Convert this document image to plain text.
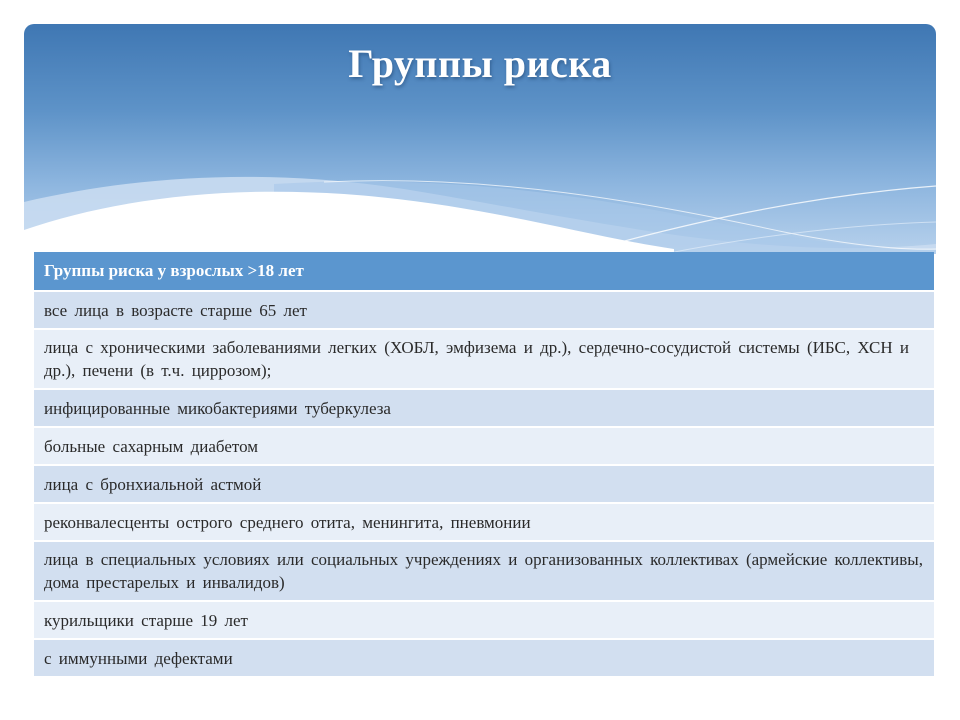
Группы риска
Группы риска у взрослых >18 лет
все лица в возрасте старше 65 лет
лица с хроническими заболеваниями легких (ХОБЛ, эмфизема и др.), сердечно-сосудистой системы (ИБС, ХСН и др.), печени (в т.ч. циррозом);
инфицированные микобактериями туберкулеза
больные сахарным диабетом
лица с бронхиальной астмой
реконвалесценты острого среднего отита, менингита, пневмонии
лица в специальных условиях или социальных учреждениях и организованных коллективах (армейские коллективы, дома престарелых и инвалидов)
курильщики старше 19 лет
с иммунными дефектами
